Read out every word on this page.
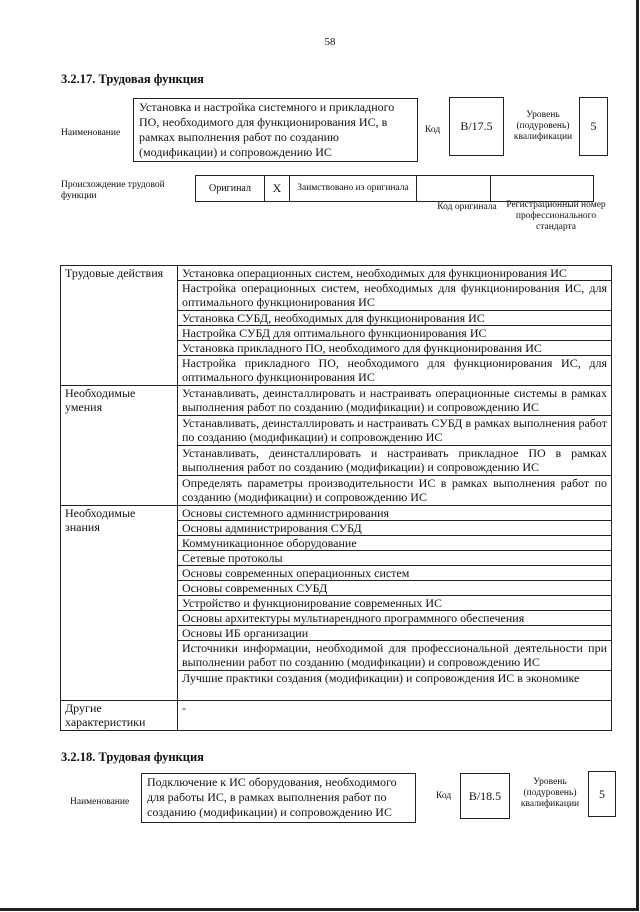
58
3.2.17. Трудовая функция
Наименование
Установка и настройка системного и прикладного ПО, необходимого для функционирования ИС, в рамках выполнения работ по созданию (модификации) и сопровождению ИС
Код	B/17.5
Уровень (подуровень) квалификации
5
Происхождение трудовой функции
Оригинал	X	Заимствовано из оригинала		
Код оригинала	Регистрационный номер профессионального стандарта
Трудовые действия	Установка операционных систем, необходимых для функционирования ИС
	Настройка операционных систем, необходимых для функционирования ИС, для оптимального функционирования ИС
	Установка СУБД, необходимых для функционирования ИС
	Настройка СУБД для оптимального функционирования ИС
	Установка прикладного ПО, необходимого для функционирования ИС
	Настройка прикладного ПО, необходимого для функционирования ИС, для оптимального функционирования ИС
Необходимые умения	Устанавливать, деинсталлировать и настраивать операционные системы в рамках выполнения работ по созданию (модификации) и сопровождению ИС
	Устанавливать, деинсталлировать и настраивать СУБД в рамках выполнения работ по созданию (модификации) и сопровождению ИС
	Устанавливать, деинсталлировать и настраивать прикладное ПО в рамках выполнения работ по созданию (модификации) и сопровождению ИС
	Определять параметры производительности ИС в рамках выполнения работ по созданию (модификации) и сопровождению ИС
Необходимые знания	Основы системного администрирования
	Основы администрирования СУБД
	Коммуникационное оборудование
	Сетевые протоколы
	Основы современных операционных систем
	Основы современных СУБД
	Устройство и функционирование современных ИС
	Основы архитектуры мультиарендного программного обеспечения
	Основы ИБ организации
	Источники информации, необходимой для профессиональной деятельности при выполнении работ по созданию (модификации) и сопровождению ИС
	Лучшие практики создания (модификации) и сопровождения ИС в экономике
Другие характеристики	-
3.2.18. Трудовая функция
Наименование
Подключение к ИС оборудования, необходимого для работы ИС, в рамках выполнения работ по созданию (модификации) и сопровождению ИС
Код	B/18.5
Уровень (подуровень) квалификации
5
